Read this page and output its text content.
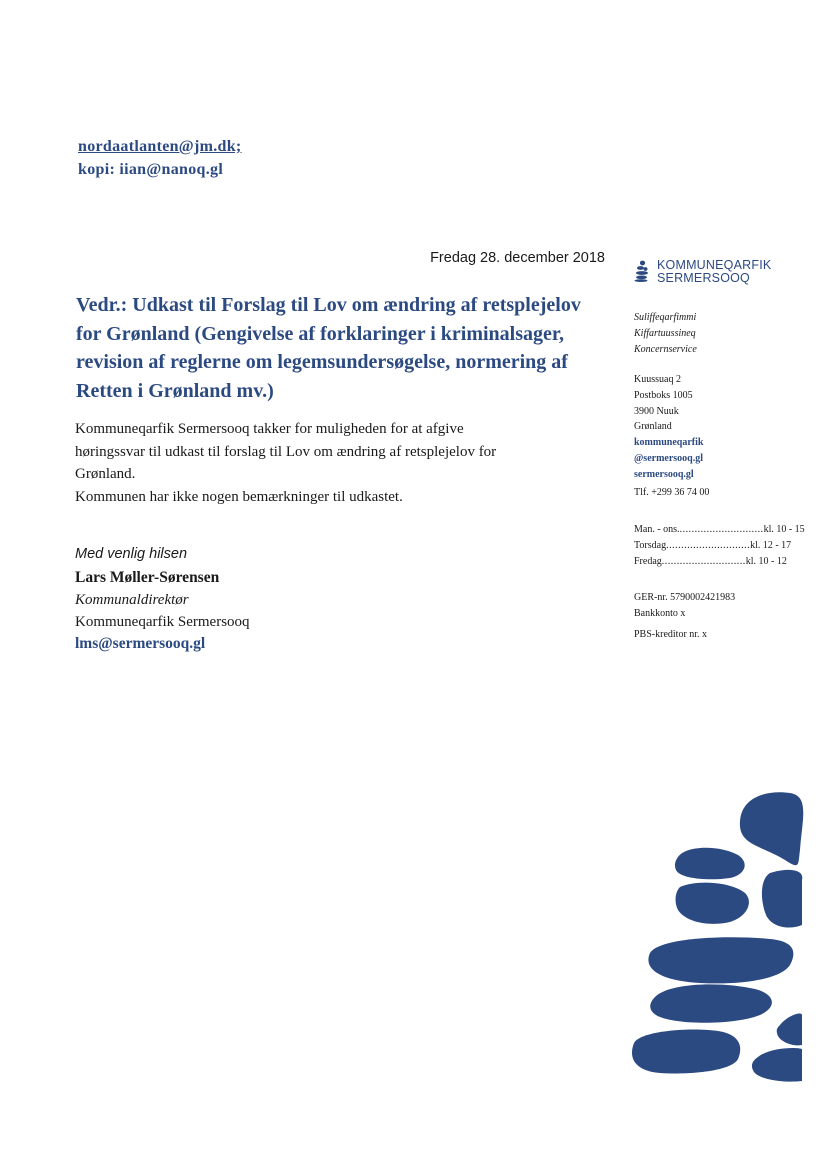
nordaatlanten@jm.dk;
kopi: iian@nanoq.gl
Fredag 28. december 2018
Vedr.: Udkast til Forslag til Lov om ændring af retsplejelov
for Grønland (Gengivelse af forklaringer i kriminalsager,
revision af reglerne om legemsundersøgelse, normering af
Retten i Grønland mv.)
Kommuneqarfik Sermersooq takker for muligheden for at afgive
høringssvar til udkast til forslag til Lov om ændring af retsplejelov for
Grønland.
Kommunen har ikke nogen bemærkninger til udkastet.
Med venlig hilsen
Lars Møller-Sørensen
Kommunaldirektør
Kommuneqarfik Sermersooq
lms@sermersooq.gl
KOMMUNEQARFIK
SERMERSOOQ
Suliffeqarfimmi
Kiffartuussineq
Koncernservice
Kuussuaq 2
Postboks 1005
3900 Nuuk
Grønland
kommuneqarfik
@sermersooq.gl
sermersooq.gl
Tlf. +299 36 74 00
Man. - ons. ............................ kl. 10 - 15
Torsdag ............................ kl. 12 - 17
Fredag ............................ kl. 10 - 12
GER-nr. 5790002421983
Bankkonto x
PBS-kreditor nr. x
